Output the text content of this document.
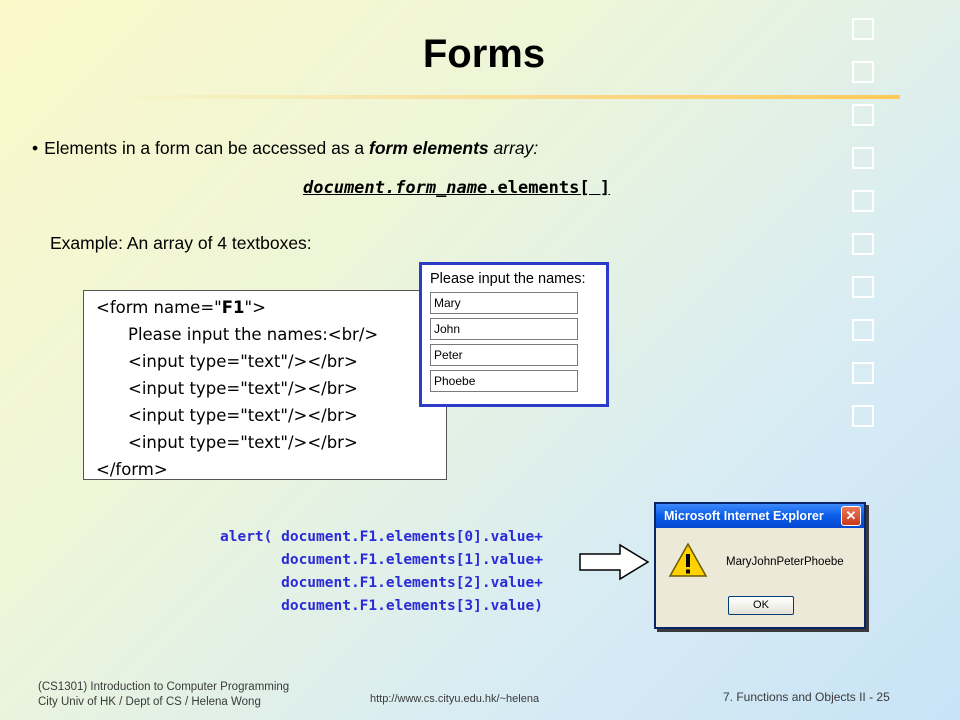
Forms
• Elements in a form can be accessed as a form elements array:
document.form_name.elements[ ]
Example: An array of 4 textboxes:
<form name="F1">
Please input the names:<br/>
<input type="text"/></br>
<input type="text"/></br>
<input type="text"/></br>
<input type="text"/></br>
</form>
Please input the names:
Mary
John
Peter
Phoebe
alert( document.F1.elements[0].value+
document.F1.elements[1].value+
document.F1.elements[2].value+
document.F1.elements[3].value)
Microsoft Internet Explorer	✕
MaryJohnPeterPhoebe
OK
(CS1301) Introduction to Computer Programming
City Univ of HK / Dept of CS / Helena Wong	http://www.cs.cityu.edu.hk/~helena	7. Functions and Objects II - 25
